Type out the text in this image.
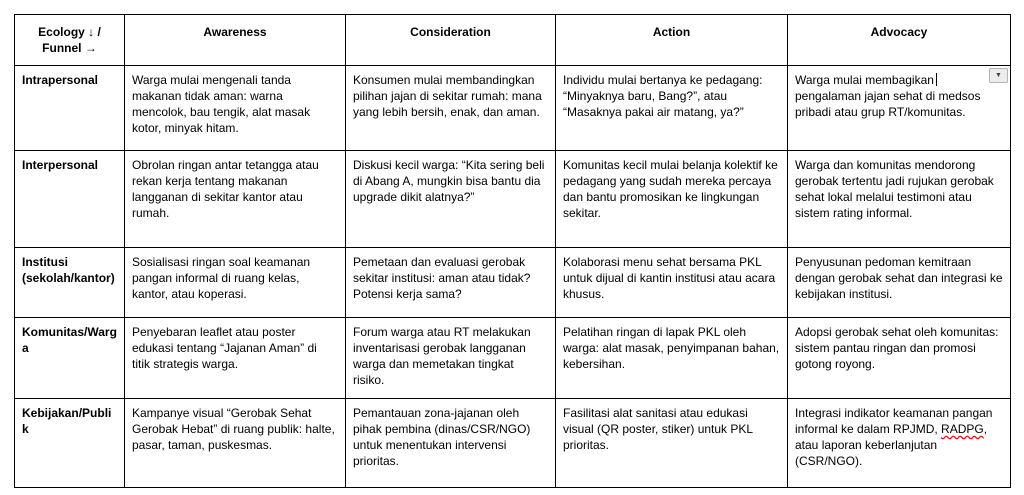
Ecology ↓ / Funnel →	Awareness	Consideration	Action	Advocacy
Intrapersonal	Warga mulai mengenali tanda makanan tidak aman: warna mencolok, bau tengik, alat masak kotor, minyak hitam.	Konsumen mulai membandingkan pilihan jajan di sekitar rumah: mana yang lebih bersih, enak, dan aman.	Individu mulai bertanya ke pedagang: “Minyaknya baru, Bang?”, atau “Masaknya pakai air matang, ya?”	Warga mulai membagikan pengalaman jajan sehat di medsos pribadi atau grup RT/komunitas.
▼

Interpersonal	Obrolan ringan antar tetangga atau rekan kerja tentang makanan langganan di sekitar kantor atau rumah.	Diskusi kecil warga: “Kita sering beli di Abang A, mungkin bisa bantu dia upgrade dikit alatnya?”	Komunitas kecil mulai belanja kolektif ke pedagang yang sudah mereka percaya dan bantu promosikan ke lingkungan sekitar.	Warga dan komunitas mendorong gerobak tertentu jadi rujukan gerobak sehat lokal melalui testimoni atau sistem rating informal.
Institusi (sekolah/kantor)	Sosialisasi ringan soal keamanan pangan informal di ruang kelas, kantor, atau koperasi.	Pemetaan dan evaluasi gerobak sekitar institusi: aman atau tidak? Potensi kerja sama?	Kolaborasi menu sehat bersama PKL untuk dijual di kantin institusi atau acara khusus.	Penyusunan pedoman kemitraan dengan gerobak sehat dan integrasi ke kebijakan institusi.
Komunitas/Warga	Penyebaran leaflet atau poster edukasi tentang “Jajanan Aman” di titik strategis warga.	Forum warga atau RT melakukan inventarisasi gerobak langganan warga dan memetakan tingkat risiko.	Pelatihan ringan di lapak PKL oleh warga: alat masak, penyimpanan bahan, kebersihan.	Adopsi gerobak sehat oleh komunitas: sistem pantau ringan dan promosi gotong royong.
Kebijakan/Publik	Kampanye visual “Gerobak Sehat Gerobak Hebat” di ruang publik: halte, pasar, taman, puskesmas.	Pemantauan zona-jajanan oleh pihak pembina (dinas/CSR/NGO) untuk menentukan intervensi prioritas.	Fasilitasi alat sanitasi atau edukasi visual (QR poster, stiker) untuk PKL prioritas.	Integrasi indikator keamanan pangan informal ke dalam RPJMD, RADPG, atau laporan keberlanjutan (CSR/NGO).
